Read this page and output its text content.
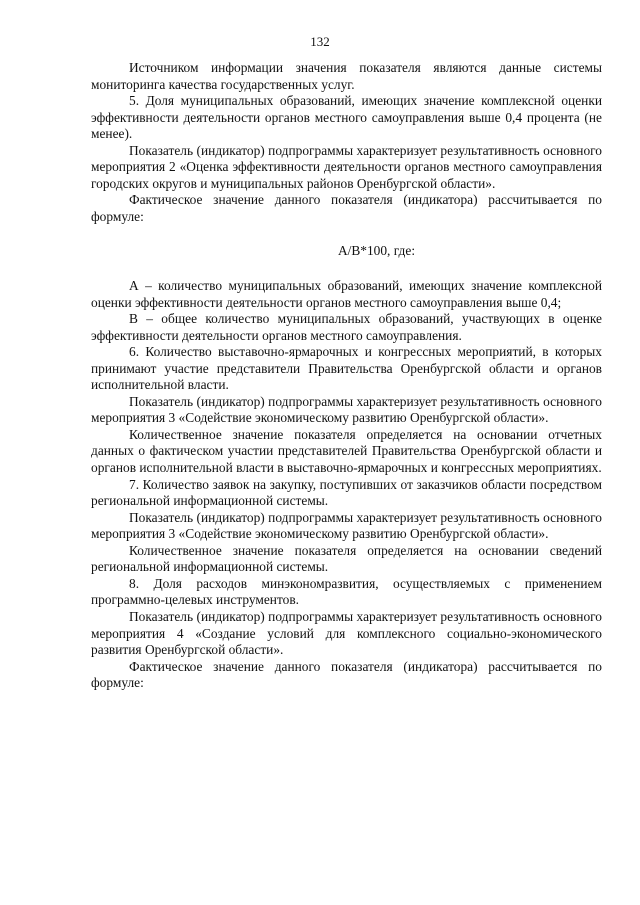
132

Источником информации значения показателя являются данные системы мониторинга качества государственных услуг.

5. Доля муниципальных образований, имеющих значение комплексной оценки эффективности деятельности органов местного самоуправления выше 0,4 процента (не менее).

Показатель (индикатор) подпрограммы характеризует результативность основного мероприятия 2 «Оценка эффективности деятельности органов местного самоуправления городских округов и муниципальных районов Оренбургской области».

Фактическое значение данного показателя (индикатора) рассчитывается по формуле:

А/В*100, где:

А – количество муниципальных образований, имеющих значение комплексной оценки эффективности деятельности органов местного самоуправления выше 0,4;

В – общее количество муниципальных образований, участвующих в оценке эффективности деятельности органов местного самоуправления.

6. Количество выставочно-ярмарочных и конгрессных мероприятий, в которых принимают участие представители Правительства Оренбургской области и органов исполнительной власти.

Показатель (индикатор) подпрограммы характеризует результативность основного мероприятия 3 «Содействие экономическому развитию Оренбургской области».

Количественное значение показателя определяется на основании отчетных данных о фактическом участии представителей Правительства Оренбургской области и органов исполнительной власти в выставочно-ярмарочных и конгрессных мероприятиях.

7. Количество заявок на закупку, поступивших от заказчиков области посредством региональной информационной системы.

Показатель (индикатор) подпрограммы характеризует результативность основного мероприятия 3 «Содействие экономическому развитию Оренбургской области».

Количественное значение показателя определяется на основании сведений региональной информационной системы.

8. Доля расходов минэкономразвития, осуществляемых с применением программно-целевых инструментов.

Показатель (индикатор) подпрограммы характеризует результативность основного мероприятия 4 «Создание условий для комплексного социально-экономического развития Оренбургской области».

Фактическое значение данного показателя (индикатора) рассчитывается по формуле:
